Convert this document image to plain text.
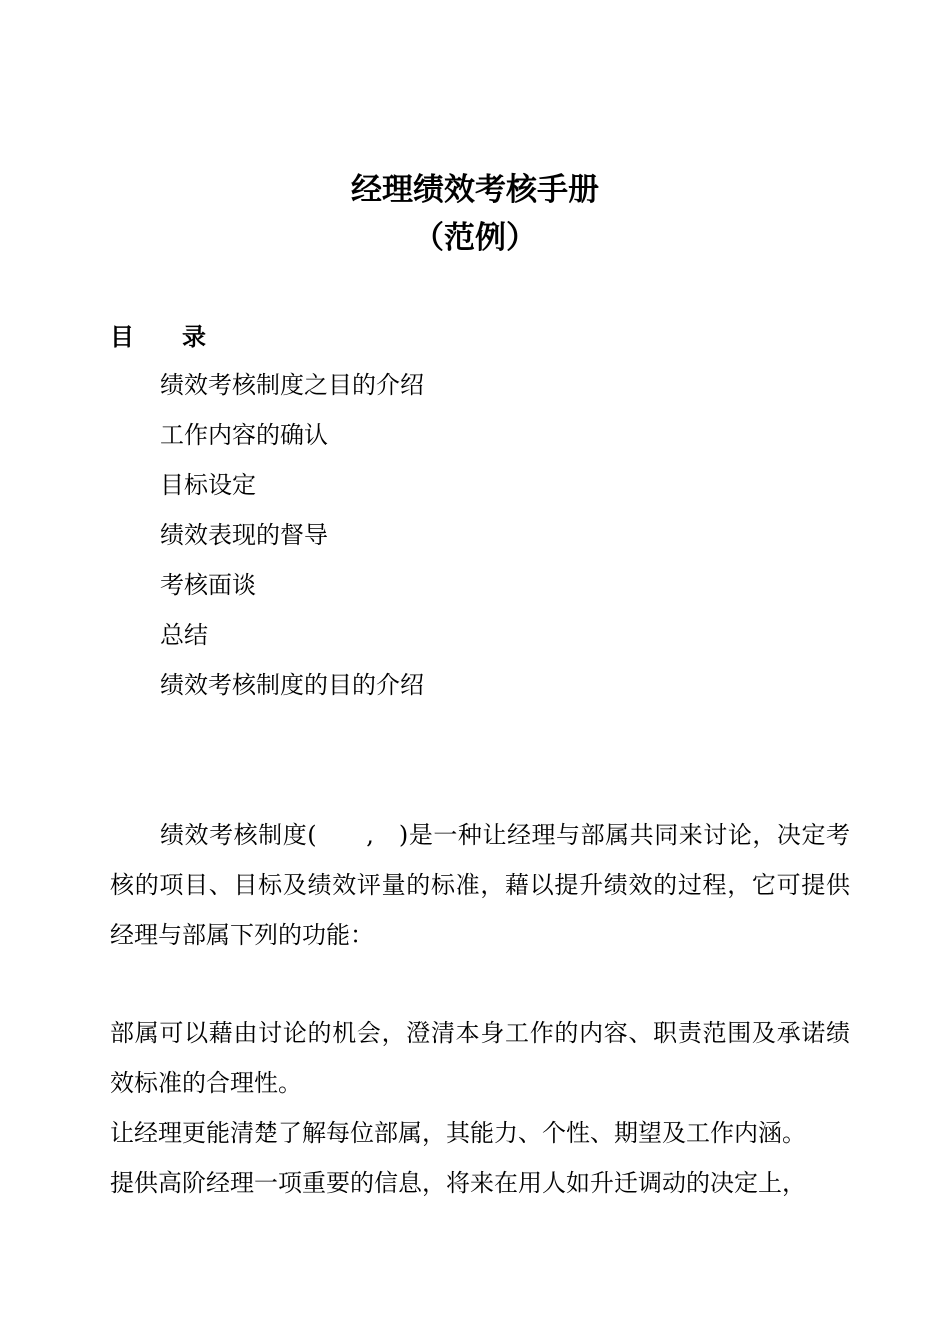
经理绩效考核手册
（范例）
目 录
绩效考核制度之目的介绍
工作内容的确认
目标设定
绩效表现的督导
考核面谈
总结
绩效考核制度的目的介绍

绩效考核制度(　　,　)是一种让经理与部属共同来讨论，决定考核的项目、目标及绩效评量的标准，藉以提升绩效的过程，它可提供经理与部属下列的功能：

部属可以藉由讨论的机会，澄清本身工作的内容、职责范围及承诺绩效标准的合理性。

让经理更能清楚了解每位部属，其能力、个性、期望及工作内涵。

提供高阶经理一项重要的信息，将来在用人如升迁调动的决定上，
